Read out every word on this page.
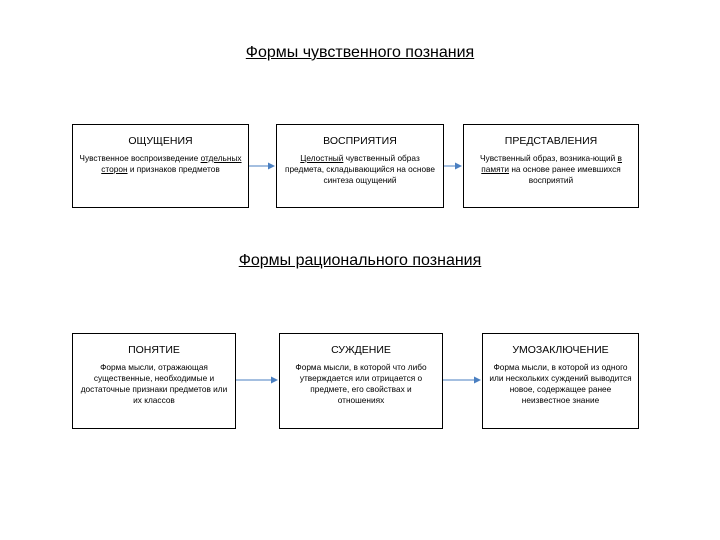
Формы чувственного познания
ОЩУЩЕНИЯ
Чувственное воспроизведение отдельных сторон и признаков предметов
ВОСПРИЯТИЯ
Целостный чувственный образ предмета, складывающийся на основе синтеза ощущений
ПРЕДСТАВЛЕНИЯ
Чувственный образ, возника-ющий в памяти на основе ранее имевшихся восприятий
Формы рационального познания
ПОНЯТИЕ
Форма мысли, отражающая существенные, необходимые и достаточные признаки предметов или их классов
СУЖДЕНИЕ
Форма мысли, в которой что либо утверждается или отрицается о предмете, его свойствах и отношениях
УМОЗАКЛЮЧЕНИЕ
Форма мысли, в которой из одного или нескольких суждений выводится новое, содержащее ранее неизвестное знание
